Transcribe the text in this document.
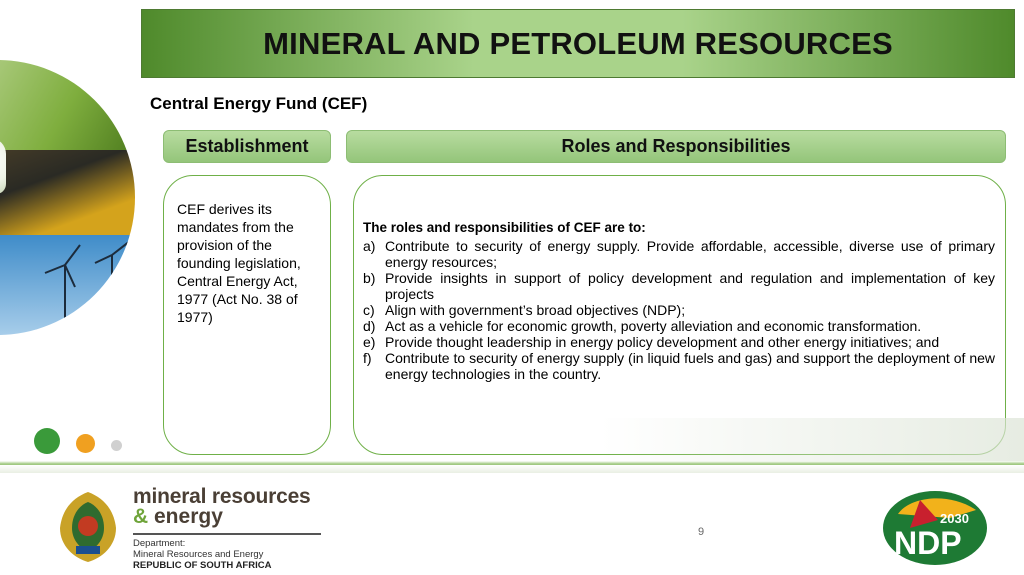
MINERAL AND PETROLEUM RESOURCES
Central Energy Fund (CEF)
Establishment	Roles and Responsibilities
CEF derives its mandates from the provision of the founding legislation, Central Energy Act, 1977 (Act No. 38 of 1977)
The roles and responsibilities of CEF are to:
a) Contribute to security of energy supply. Provide affordable, accessible, diverse use of primary energy resources;
b) Provide insights in support of policy development and regulation and implementation of key projects
c) Align with government’s broad objectives (NDP);
d) Act as a vehicle for economic growth, poverty alleviation and economic transformation.
e) Provide thought leadership in energy policy development and other energy initiatives; and
f) Contribute to security of energy supply (in liquid fuels and gas) and support the deployment of new energy technologies in the country.
mineral resources
& energy
Department:
Mineral Resources and Energy
REPUBLIC OF SOUTH AFRICA
9
2030
NDP
